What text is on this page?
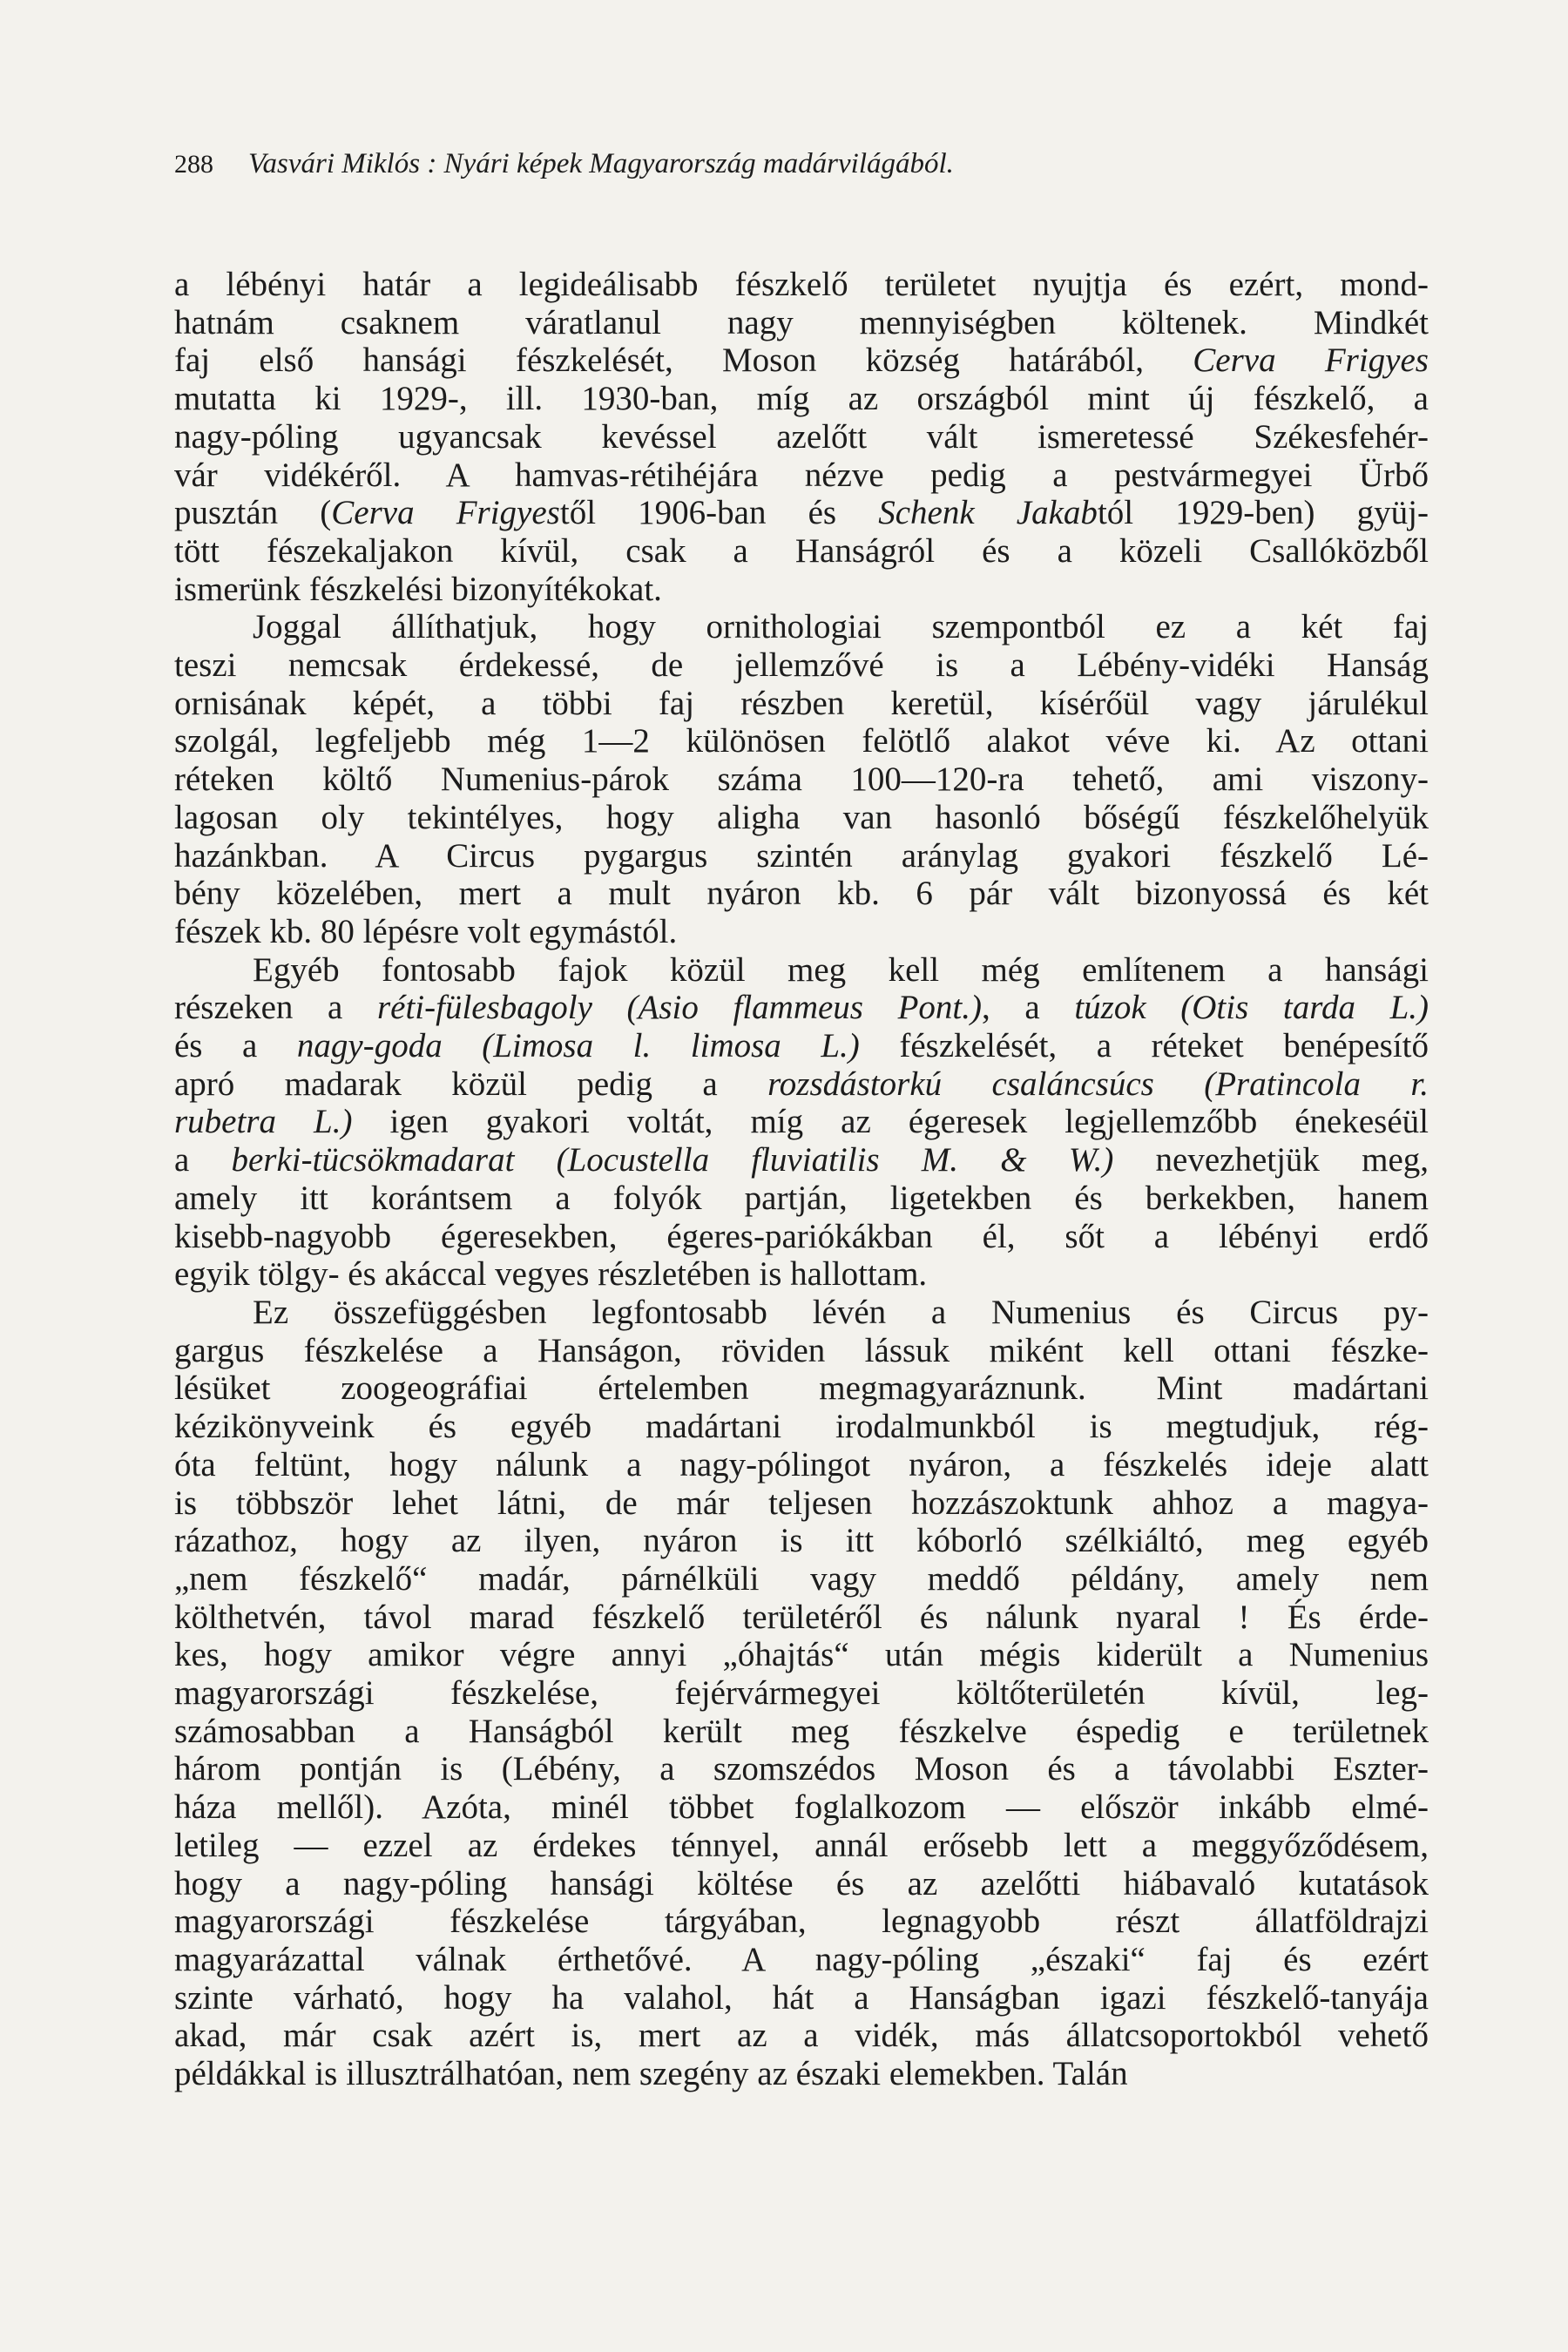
288 Vasvári Miklós : Nyári képek Magyarország madárvilágából.
a lébényi határ a legideálisabb fészkelő területet nyujtja és ezért, mond-
hatnám csaknem váratlanul nagy mennyiségben költenek. Mindkét
faj első hansági fészkelését, Moson község határából, Cerva Frigyes
mutatta ki 1929-, ill. 1930-ban, míg az országból mint új fészkelő, a
nagy-póling ugyancsak kevéssel azelőtt vált ismeretessé Székesfehér-
vár vidékéről. A hamvas-rétihéjára nézve pedig a pestvármegyei Ürbő
pusztán (Cerva Frigyestől 1906-ban és Schenk Jakabtól 1929-ben) gyüj-
tött fészekaljakon kívül, csak a Hanságról és a közeli Csallóközből
ismerünk fészkelési bizonyítékokat.
Joggal állíthatjuk, hogy ornithologiai szempontból ez a két faj
teszi nemcsak érdekessé, de jellemzővé is a Lébény-vidéki Hanság
ornisának képét, a többi faj részben keretül, kísérőül vagy járulékul
szolgál, legfeljebb még 1—2 különösen felötlő alakot véve ki. Az ottani
réteken költő Numenius-párok száma 100—120-ra tehető, ami viszony-
lagosan oly tekintélyes, hogy aligha van hasonló bőségű fészkelőhelyük
hazánkban. A Circus pygargus szintén aránylag gyakori fészkelő Lé-
bény közelében, mert a mult nyáron kb. 6 pár vált bizonyossá és két
fészek kb. 80 lépésre volt egymástól.
Egyéb fontosabb fajok közül meg kell még említenem a hansági
részeken a réti-fülesbagoly (Asio flammeus Pont.), a túzok (Otis tarda L.)
és a nagy-goda (Limosa l. limosa L.) fészkelését, a réteket benépesítő
apró madarak közül pedig a rozsdástorkú csaláncsúcs (Pratincola r.
rubetra L.) igen gyakori voltát, míg az égeresek legjellemzőbb énekeséül
a berki-tücsökmadarat (Locustella fluviatilis M. & W.) nevezhetjük meg,
amely itt korántsem a folyók partján, ligetekben és berkekben, hanem
kisebb-nagyobb égeresekben, égeres-pariókákban él, sőt a lébényi erdő
egyik tölgy- és akáccal vegyes részletében is hallottam.
Ez összefüggésben legfontosabb lévén a Numenius és Circus py-
gargus fészkelése a Hanságon, röviden lássuk miként kell ottani fészke-
lésüket zoogeográfiai értelemben megmagyaráznunk. Mint madártani
kézikönyveink és egyéb madártani irodalmunkból is megtudjuk, rég-
óta feltünt, hogy nálunk a nagy-pólingot nyáron, a fészkelés ideje alatt
is többször lehet látni, de már teljesen hozzászoktunk ahhoz a magya-
rázathoz, hogy az ilyen, nyáron is itt kóborló szélkiáltó, meg egyéb
„nem fészkelő“ madár, párnélküli vagy meddő példány, amely nem
költhetvén, távol marad fészkelő területéről és nálunk nyaral ! És érde-
kes, hogy amikor végre annyi „óhajtás“ után mégis kiderült a Numenius
magyarországi fészkelése, fejérvármegyei költőterületén kívül, leg-
számosabban a Hanságból került meg fészkelve éspedig e területnek
három pontján is (Lébény, a szomszédos Moson és a távolabbi Eszter-
háza mellől). Azóta, minél többet foglalkozom — először inkább elmé-
letileg — ezzel az érdekes ténnyel, annál erősebb lett a meggyőződésem,
hogy a nagy-póling hansági költése és az azelőtti hiábavaló kutatások
magyarországi fészkelése tárgyában, legnagyobb részt állatföldrajzi
magyarázattal válnak érthetővé. A nagy-póling „északi“ faj és ezért
szinte várható, hogy ha valahol, hát a Hanságban igazi fészkelő-tanyája
akad, már csak azért is, mert az a vidék, más állatcsoportokból vehető
példákkal is illusztrálhatóan, nem szegény az északi elemekben. Talán
